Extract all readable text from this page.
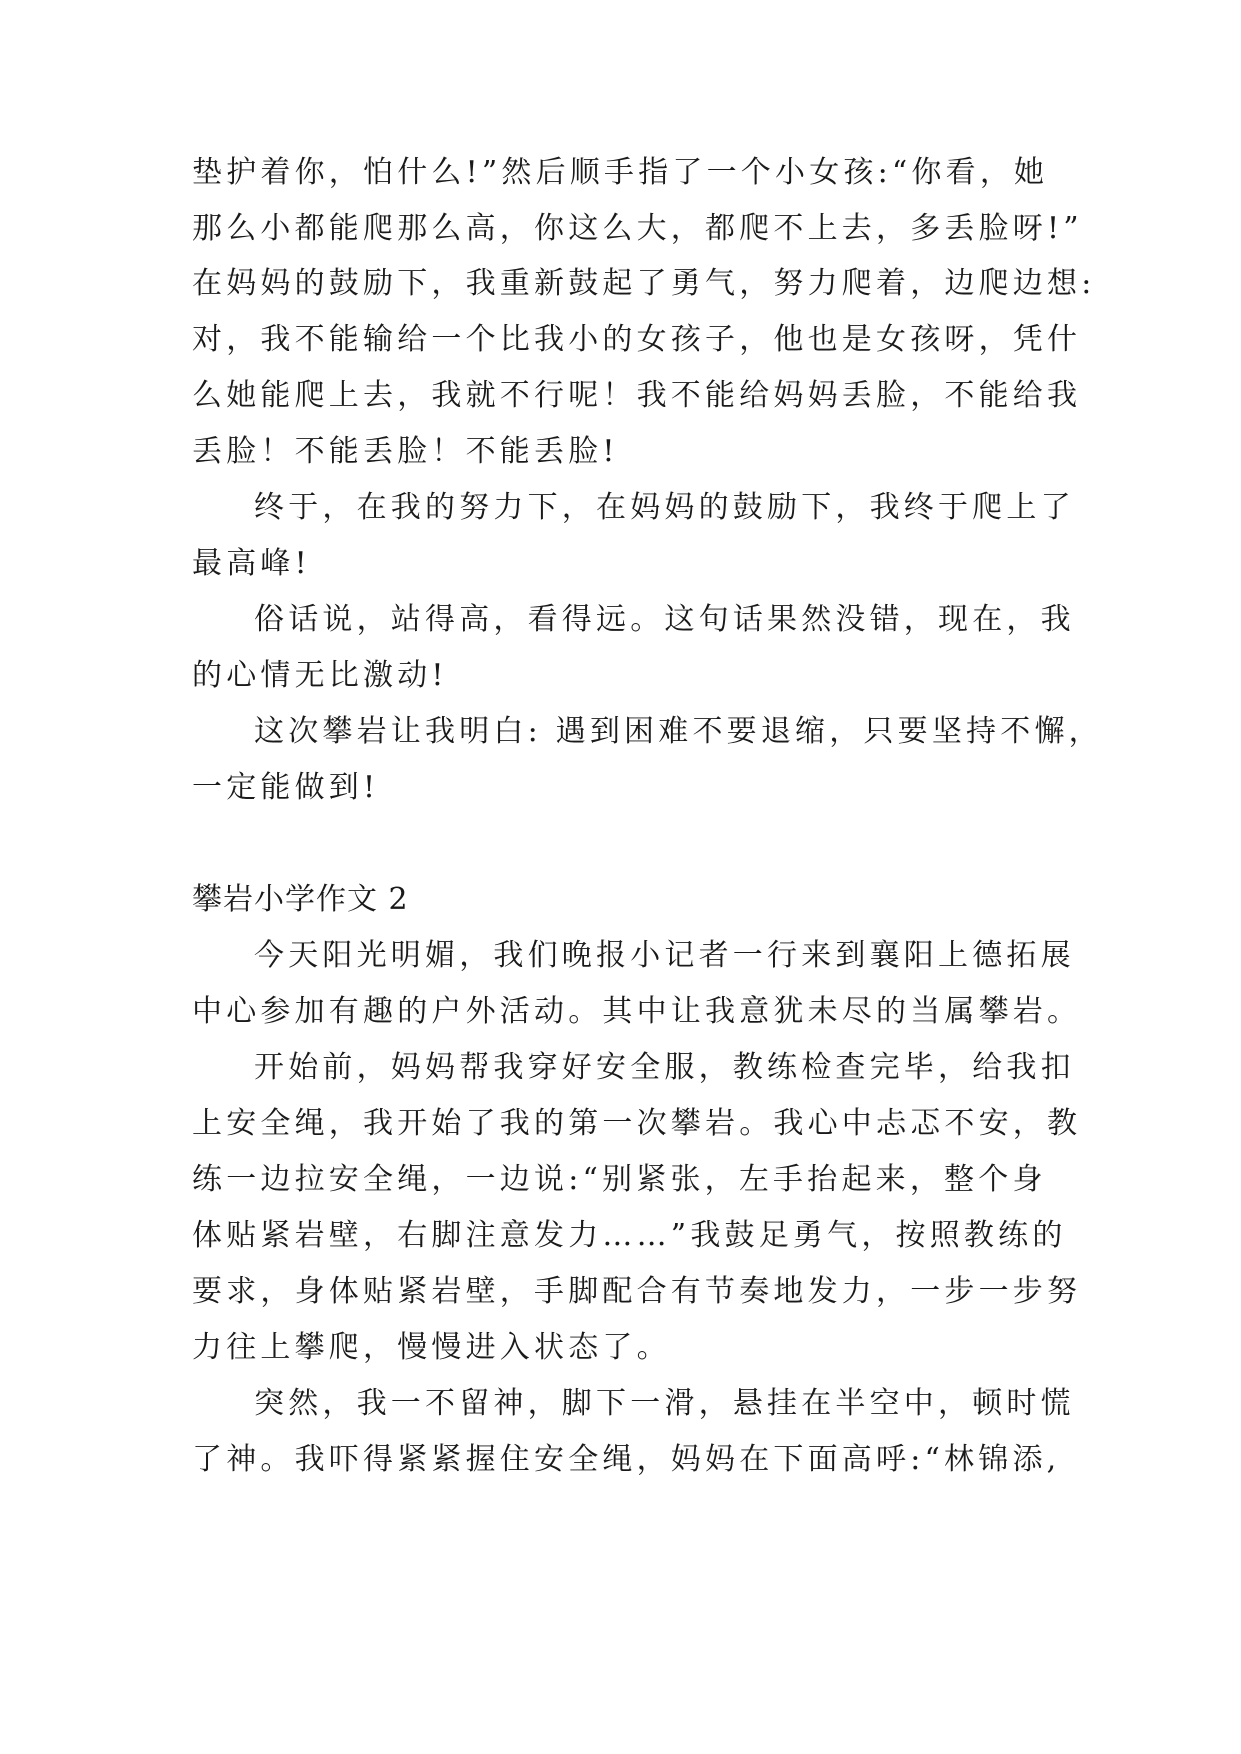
垫护着你，怕什么!”然后顺手指了一个小女孩:“你看，她
那么小都能爬那么高，你这么大，都爬不上去，多丢脸呀!”
在妈妈的鼓励下，我重新鼓起了勇气，努力爬着，边爬边想:
对，我不能输给一个比我小的女孩子，他也是女孩呀，凭什
么她能爬上去，我就不行呢！我不能给妈妈丢脸，不能给我
丢脸！不能丢脸！不能丢脸!
终于，在我的努力下，在妈妈的鼓励下，我终于爬上了
最高峰!
俗话说，站得高，看得远。这句话果然没错，现在，我
的心情无比激动!
这次攀岩让我明白: 遇到困难不要退缩，只要坚持不懈，
一定能做到!
攀岩小学作文 2
今天阳光明媚，我们晚报小记者一行来到襄阳上德拓展
中心参加有趣的户外活动。其中让我意犹未尽的当属攀岩。
开始前，妈妈帮我穿好安全服，教练检查完毕，给我扣
上安全绳，我开始了我的第一次攀岩。我心中忐忑不安，教
练一边拉安全绳，一边说:“别紧张，左手抬起来，整个身
体贴紧岩壁，右脚注意发力……”我鼓足勇气，按照教练的
要求，身体贴紧岩壁，手脚配合有节奏地发力，一步一步努
力往上攀爬，慢慢进入状态了。
突然，我一不留神，脚下一滑，悬挂在半空中，顿时慌
了神。我吓得紧紧握住安全绳，妈妈在下面高呼:“林锦添,
